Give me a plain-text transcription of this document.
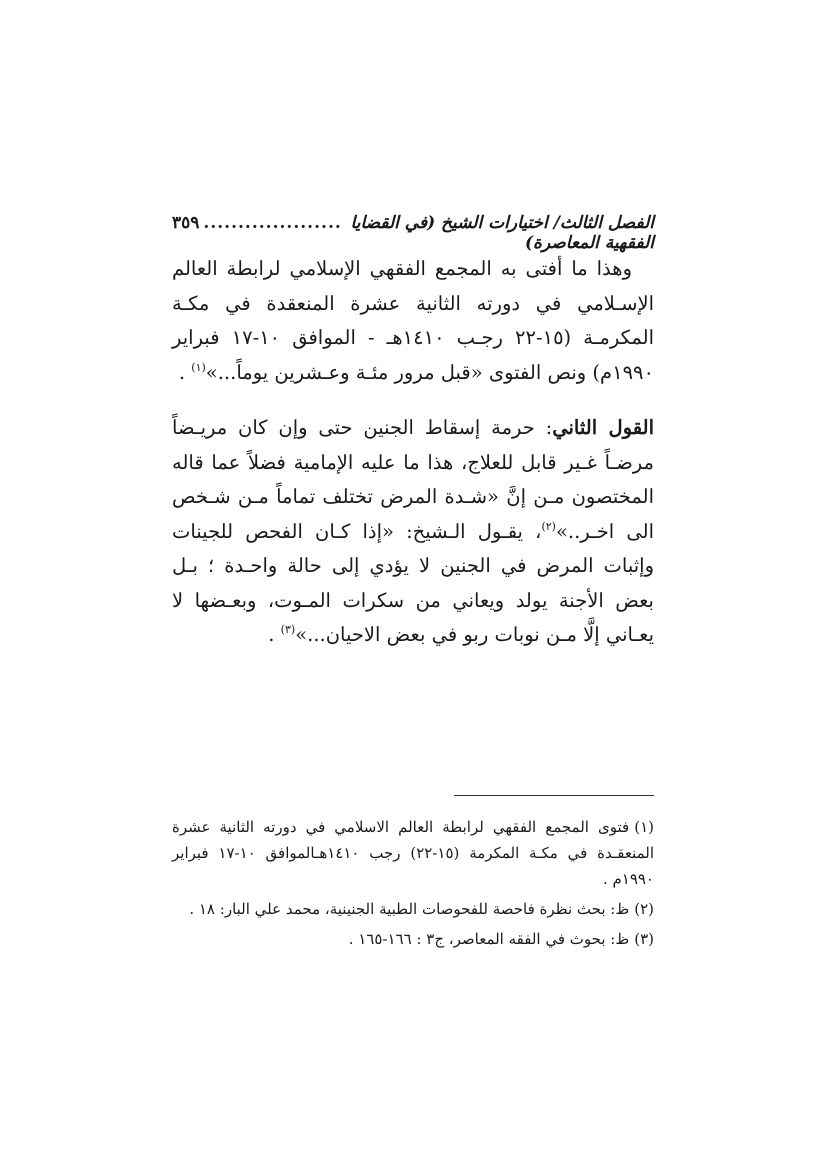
الفصل الثالث/ اختيارات الشيخ (في القضايا الفقهية المعاصرة)
....................
٣٥٩

وهذا ما أفتى به المجمع الفقهي الإسلامي لرابطة العالم الإسـلامي في دورته الثانية عشرة المنعقدة في مكـة المكرمـة (١٥-٢٢ رجـب ١٤١٠هـ - الموافق ١٠-١٧ فبراير ١٩٩٠م) ونص الفتوى «قبل مرور مئـة وعـشرين يوماً...»$^{(١)}$ .

القول الثاني: حرمة إسقاط الجنين حتى وإن كان مريـضاً مرضـاً غـير قابل للعلاج، هذا ما عليه الإمامية فضلاً عما قاله المختصون مـن إنَّ «شـدة المرض تختلف تماماً مـن شـخص الى اخـر..»$^{(٢)}$، يقـول الـشيخ: «إذا كـان الفحص للجينات وإثبات المرض في الجنين لا يؤدي إلى حالة واحـدة ؛ بـل بعض الأجنة يولد ويعاني من سكرات المـوت، وبعـضها لا يعـاني إلَّا مـن نوبات ربو في بعض الاحيان...»$^{(٣)}$ .

(١)فتوى المجمع الفقهي لرابطة العالم الاسلامي في دورته الثانية عشرة المنعقـدة في مكـة المكرمة (١٥-٢٢) رجب ١٤١٠هـالموافق ١٠-١٧ فبراير ١٩٩٠م .

(٢)ظ: بحث نظرة فاحصة للفحوصات الطبية الجنينية، محمد علي البار: ١٨ .

(٣)ظ: بحوث في الفقه المعاصر، ج٣ : ١٦٦-١٦٥ .
